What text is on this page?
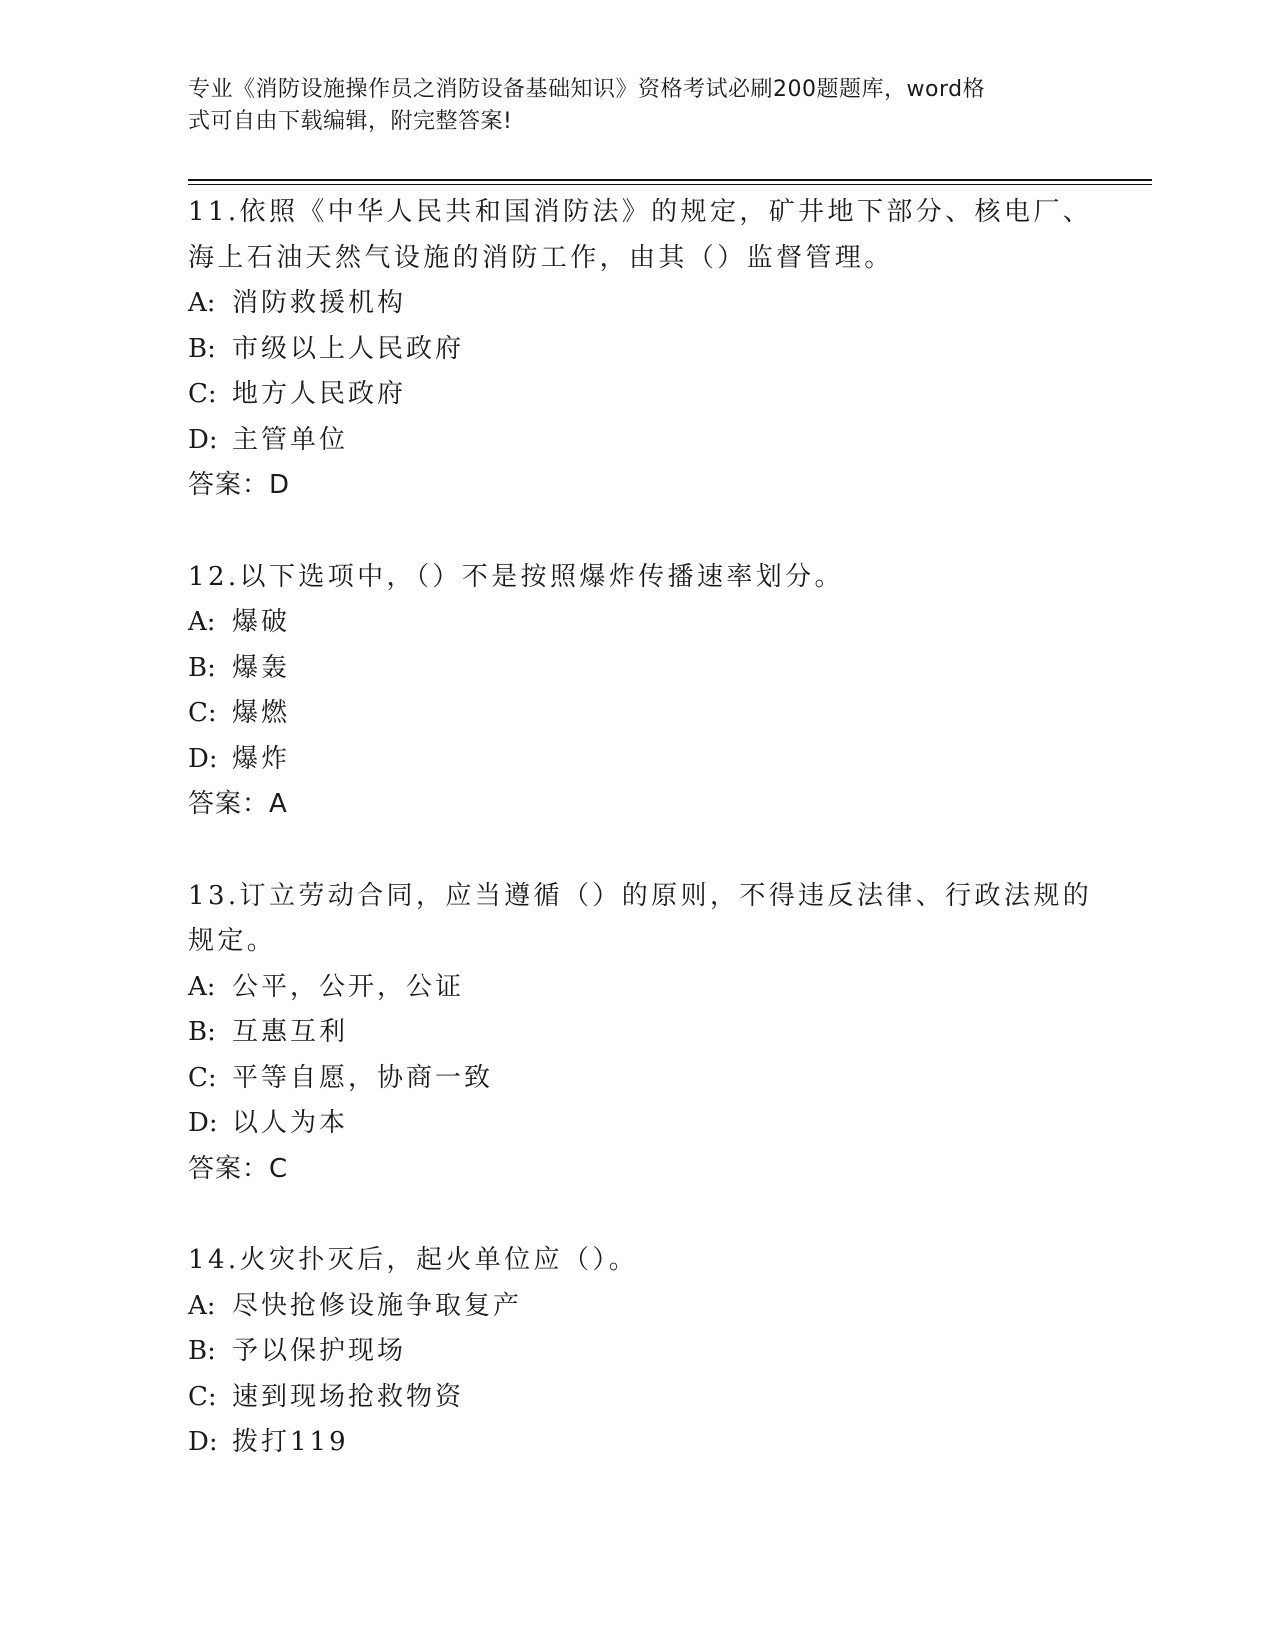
专业《消防设施操作员之消防设备基础知识》资格考试必刷200题题库，word格
式可自由下载编辑，附完整答案!
11.依照《中华人民共和国消防法》的规定，矿井地下部分、核电厂、
海上石油天然气设施的消防工作，由其（）监督管理。
A: 消防救援机构
B: 市级以上人民政府
C: 地方人民政府
D: 主管单位
答案：D
12.以下选项中，（）不是按照爆炸传播速率划分。
A: 爆破
B: 爆轰
C: 爆燃
D: 爆炸
答案：A
13.订立劳动合同，应当遵循（）的原则，不得违反法律、行政法规的
规定。
A: 公平，公开，公证
B: 互惠互利
C: 平等自愿，协商一致
D: 以人为本
答案：C
14.火灾扑灭后，起火单位应（）。
A: 尽快抢修设施争取复产
B: 予以保护现场
C: 速到现场抢救物资
D: 拨打119
